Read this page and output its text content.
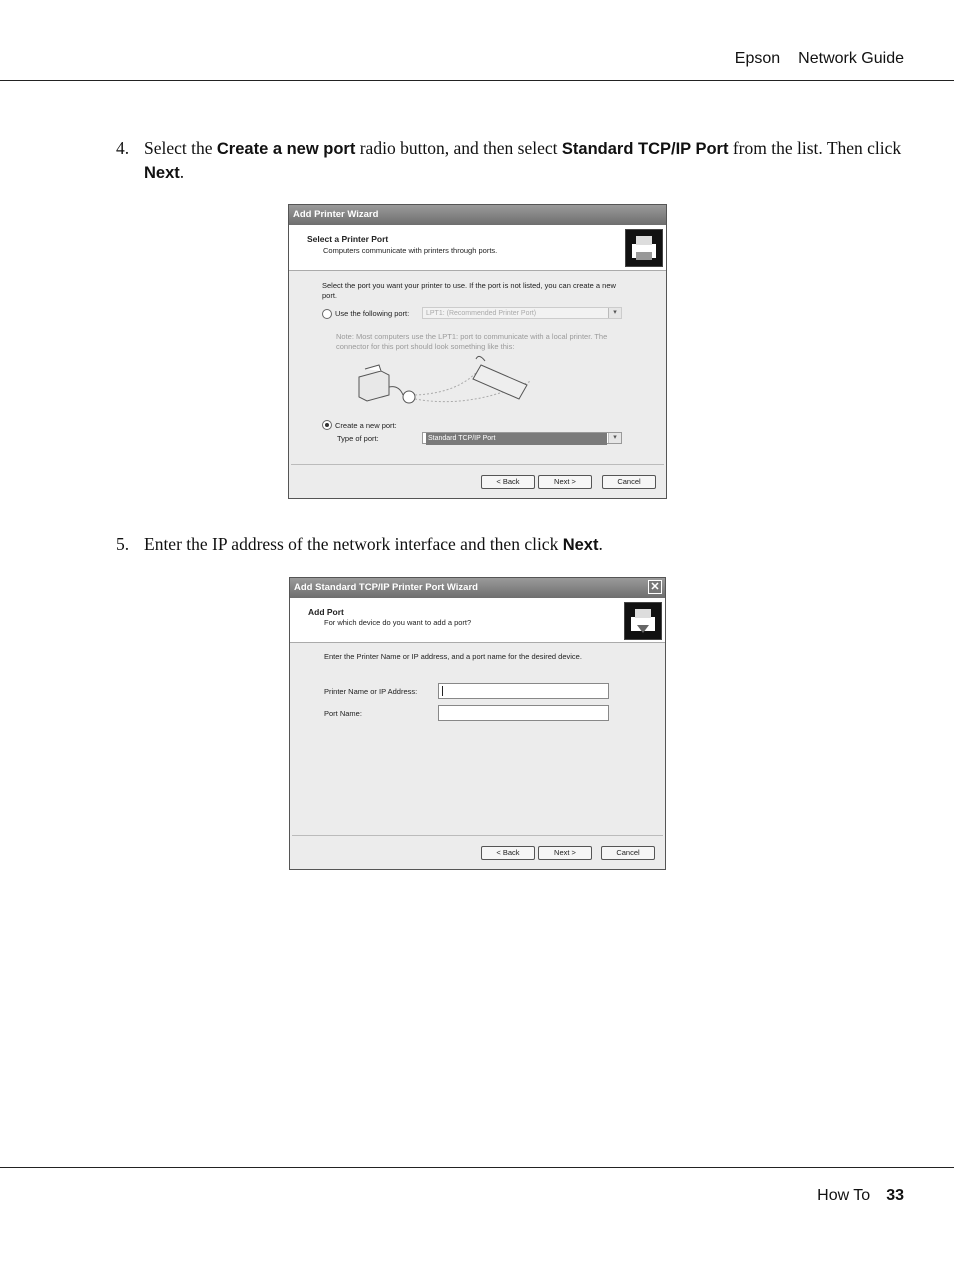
Epson Network Guide
4. Select the Create a new port radio button, and then select Standard TCP/IP Port from the list. Then click Next.
Add Printer Wizard
Select a Printer Port
Computers communicate with printers through ports.
Select the port you want your printer to use. If the port is not listed, you can create a new port.
Use the following port:	LPT1: (Recommended Printer Port)	▾
Note: Most computers use the LPT1: port to communicate with a local printer. The connector for this port should look something like this:
Create a new port:
Type of port:	Standard TCP/IP Port	▾
< Back	Next >	Cancel
5. Enter the IP address of the network interface and then click Next.
Add Standard TCP/IP Printer Port Wizard	✕
Add Port
For which device do you want to add a port?
Enter the Printer Name or IP address, and a port name for the desired device.
Printer Name or IP Address:
Port Name:
< Back	Next >	Cancel
How To 33
